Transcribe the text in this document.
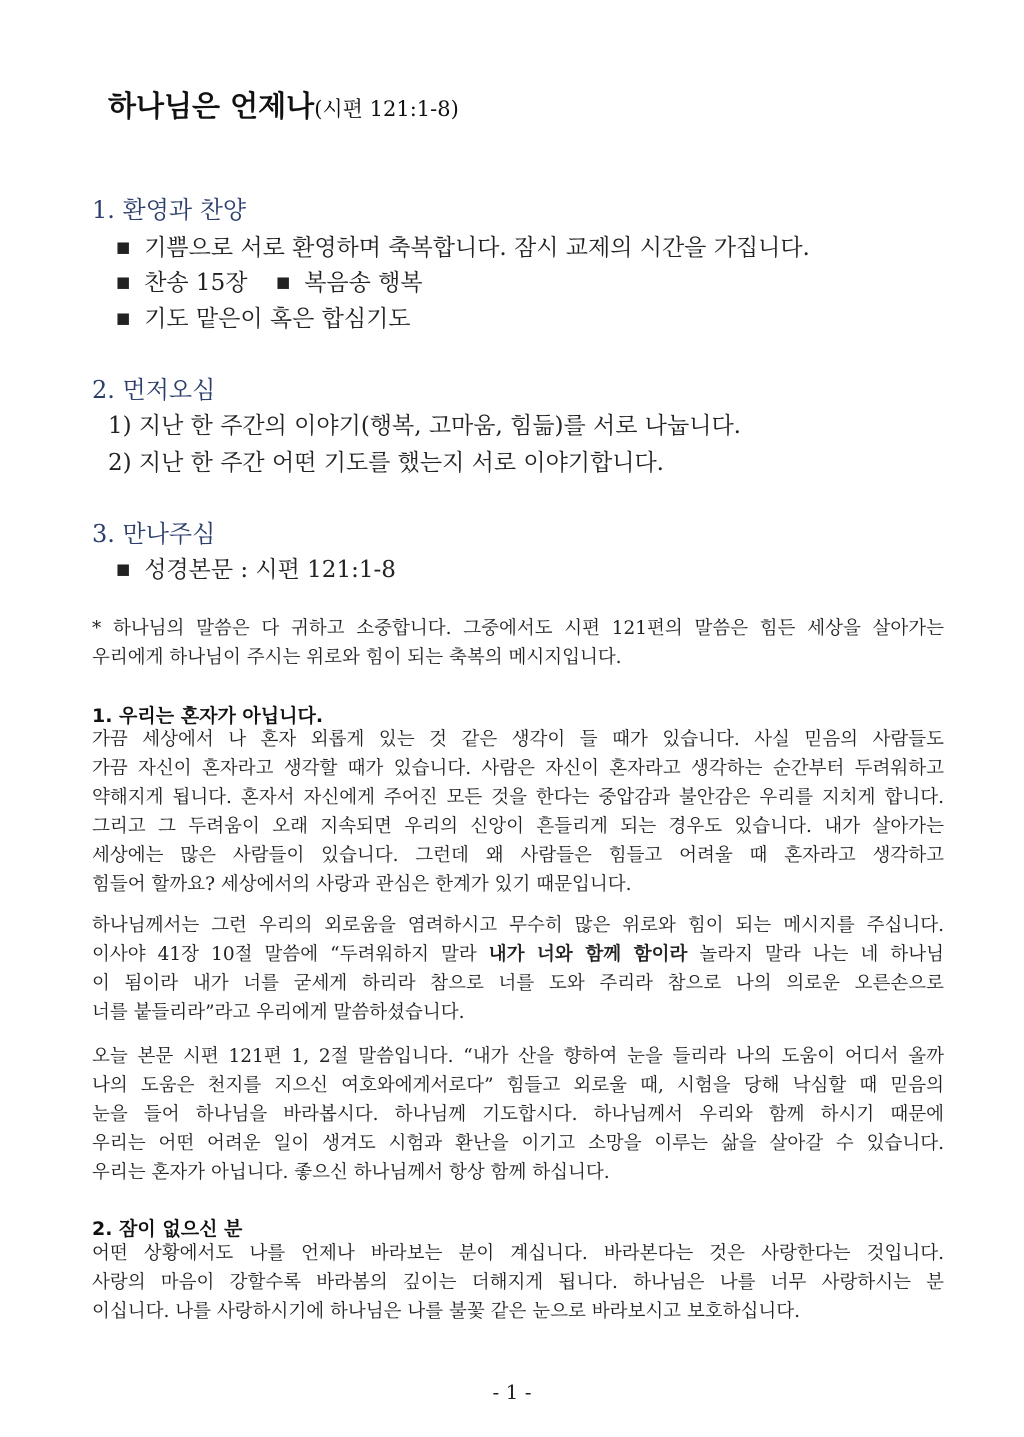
하나님은 언제나(시편 121:1-8)
1. 환영과 찬양
■ 기쁨으로 서로 환영하며 축복합니다. 잠시 교제의 시간을 가집니다.
■ 찬송 15장
■	복음송 행복
■ 기도 맡은이 혹은 합심기도
2. 먼저오심
1) 지난 한 주간의 이야기(행복, 고마움, 힘듦)를 서로 나눕니다.
2) 지난 한 주간 어떤 기도를 했는지 서로 이야기합니다.
3. 만나주심
■ 성경본문 : 시편 121:1-8
* 하나님의 말씀은 다 귀하고 소중합니다. 그중에서도 시편 121편의 말씀은 힘든 세상을 살아가는
우리에게 하나님이 주시는 위로와 힘이 되는 축복의 메시지입니다.
1. 우리는 혼자가 아닙니다.
가끔 세상에서 나 혼자 외롭게 있는 것 같은 생각이 들 때가 있습니다. 사실 믿음의 사람들도
가끔 자신이 혼자라고 생각할 때가 있습니다. 사람은 자신이 혼자라고 생각하는 순간부터 두려워하고
약해지게 됩니다. 혼자서 자신에게 주어진 모든 것을 한다는 중압감과 불안감은 우리를 지치게 합니다.
그리고 그 두려움이 오래 지속되면 우리의 신앙이 흔들리게 되는 경우도 있습니다. 내가 살아가는
세상에는 많은 사람들이 있습니다. 그런데 왜 사람들은 힘들고 어려울 때 혼자라고 생각하고
힘들어 할까요? 세상에서의 사랑과 관심은 한계가 있기 때문입니다.
하나님께서는 그런 우리의 외로움을 염려하시고 무수히 많은 위로와 힘이 되는 메시지를 주십니다.
이사야 41장 10절 말씀에 “두려워하지 말라 내가 너와 함께 함이라 놀라지 말라 나는 네 하나님
이 됨이라 내가 너를 굳세게 하리라 참으로 너를 도와 주리라 참으로 나의 의로운 오른손으로
너를 붙들리라”라고 우리에게 말씀하셨습니다.
오늘 본문 시편 121편 1, 2절 말씀입니다. “내가 산을 향하여 눈을 들리라 나의 도움이 어디서 올까
나의 도움은 천지를 지으신 여호와에게서로다” 힘들고 외로울 때, 시험을 당해 낙심할 때 믿음의
눈을 들어 하나님을 바라봅시다. 하나님께 기도합시다. 하나님께서 우리와 함께 하시기 때문에
우리는 어떤 어려운 일이 생겨도 시험과 환난을 이기고 소망을 이루는 삶을 살아갈 수 있습니다.
우리는 혼자가 아닙니다. 좋으신 하나님께서 항상 함께 하십니다.
2. 잠이 없으신 분
어떤 상황에서도 나를 언제나 바라보는 분이 계십니다. 바라본다는 것은 사랑한다는 것입니다.
사랑의 마음이 강할수록 바라봄의 깊이는 더해지게 됩니다. 하나님은 나를 너무 사랑하시는 분
이십니다. 나를 사랑하시기에 하나님은 나를 불꽃 같은 눈으로 바라보시고 보호하십니다.
- 1 -
